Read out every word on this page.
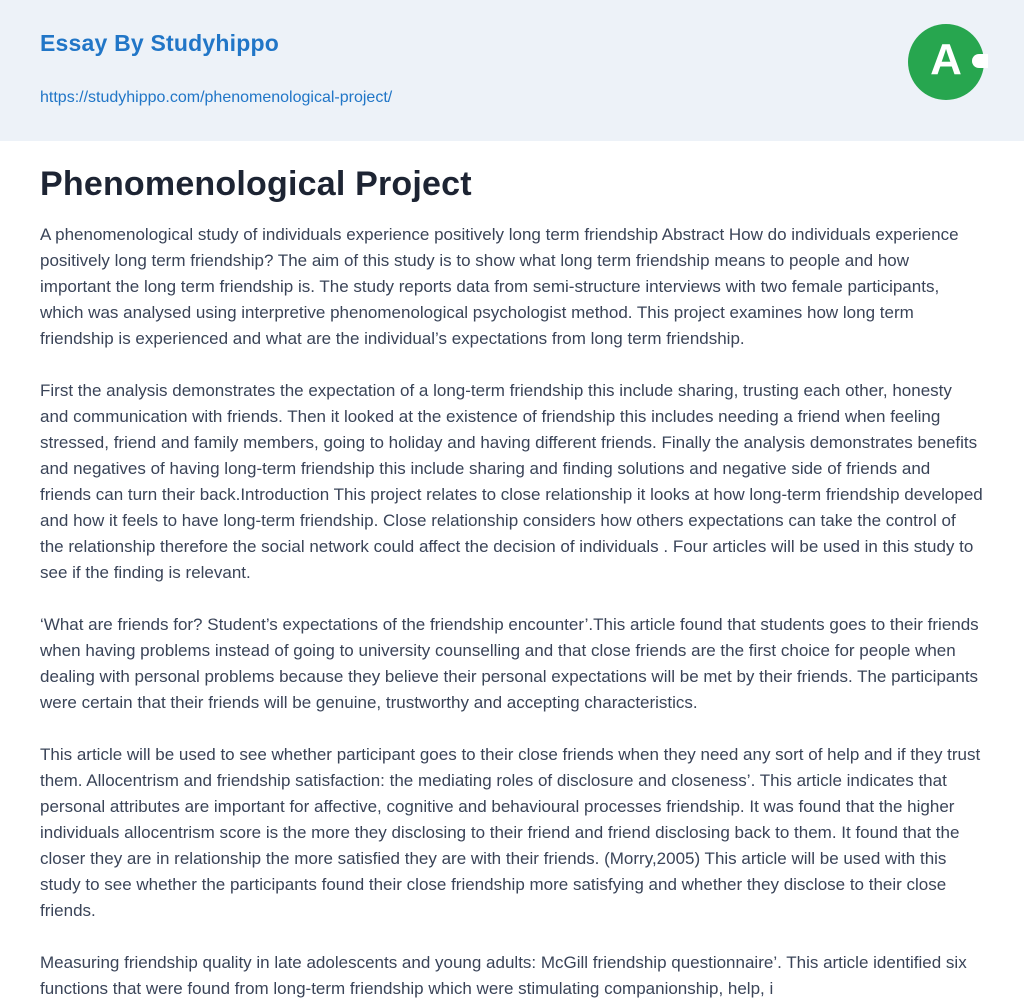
Essay By Studyhippo

https://studyhippo.com/phenomenological-project/
A
Phenomenological Project

A phenomenological study of individuals experience positively long term friendship Abstract How do individuals experience positively long term friendship? The aim of this study is to show what long term friendship means to people and how important the long term friendship is. The study reports data from semi-structure interviews with two female participants, which was analysed using interpretive phenomenological psychologist method. This project examines how long term friendship is experienced and what are the individual’s expectations from long term friendship.

First the analysis demonstrates the expectation of a long-term friendship this include sharing, trusting each other, honesty and communication with friends. Then it looked at the existence of friendship this includes needing a friend when feeling stressed, friend and family members, going to holiday and having different friends. Finally the analysis demonstrates benefits and negatives of having long-term friendship this include sharing and finding solutions and negative side of friends and friends can turn their back.Introduction This project relates to close relationship it looks at how long-term friendship developed and how it feels to have long-term friendship. Close relationship considers how others expectations can take the control of the relationship therefore the social network could affect the decision of individuals . Four articles will be used in this study to see if the finding is relevant.

‘What are friends for? Student’s expectations of the friendship encounter’.This article found that students goes to their friends when having problems instead of going to university counselling and that close friends are the first choice for people when dealing with personal problems because they believe their personal expectations will be met by their friends. The participants were certain that their friends will be genuine, trustworthy and accepting characteristics.

This article will be used to see whether participant goes to their close friends when they need any sort of help and if they trust them. Allocentrism and friendship satisfaction: the mediating roles of disclosure and closeness’. This article indicates that personal attributes are important for affective, cognitive and behavioural processes friendship. It was found that the higher individuals allocentrism score is the more they disclosing to their friend and friend disclosing back to them. It found that the closer they are in relationship the more satisfied they are with their friends. (Morry,2005) This article will be used with this study to see whether the participants found their close friendship more satisfying and whether they disclose to their close friends.

Measuring friendship quality in late adolescents and young adults: McGill friendship questionnaire’. This article identified six functions that were found from long-term friendship which were stimulating companionship, help, i
